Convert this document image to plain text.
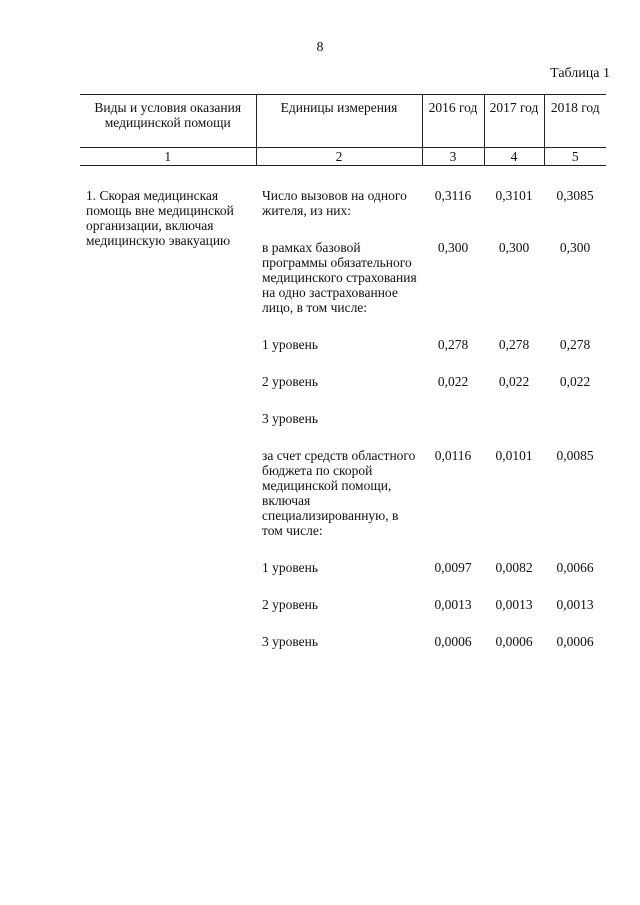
8
Таблица 1
Виды и условия оказания медицинской помощи	Единицы измерения	2016 год	2017 год	2018 год
1	2	3	4	5
1. Скорая медицинская помощь вне медицинской организации, включая медицинскую эвакуацию	Число вызовов на одного жителя, из них:	0,3116	0,3101	0,3085

	в рамках базовой программы обязательного медицинского страхования на одно застрахованное лицо, в том числе:	0,300	0,300	0,300

	1 уровень	0,278	0,278	0,278

	2 уровень	0,022	0,022	0,022

	3 уровень			

	за счет средств областного бюджета по скорой медицинской помощи, включая специализированную, в том числе:	0,0116	0,0101	0,0085

	1 уровень	0,0097	0,0082	0,0066

	2 уровень	0,0013	0,0013	0,0013

	3 уровень	0,0006	0,0006	0,0006
